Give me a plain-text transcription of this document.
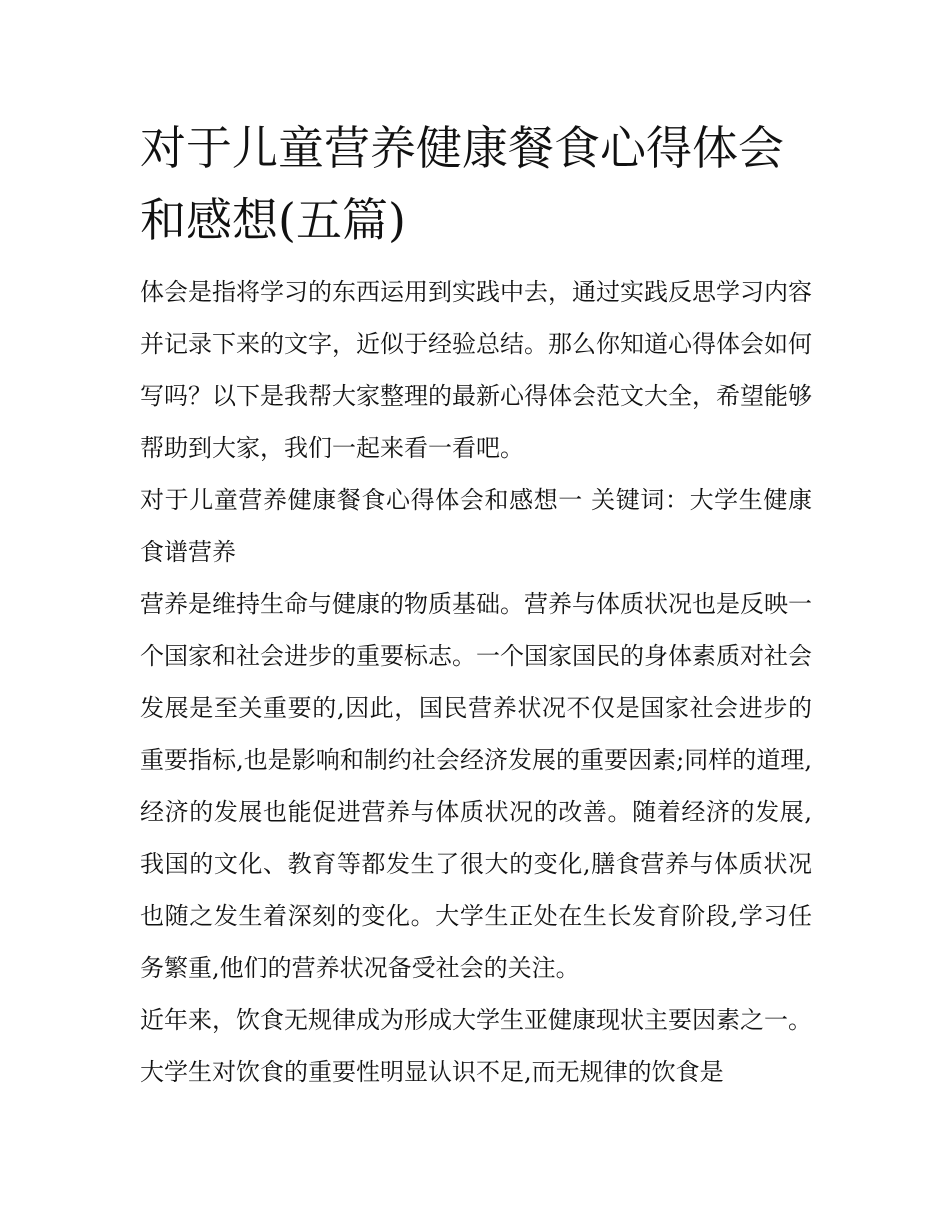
对于儿童营养健康餐食心得体会和感想(五篇)

体会是指将学习的东西运用到实践中去，通过实践反思学习内容并记录下来的文字，近似于经验总结。那么你知道心得体会如何写吗？以下是我帮大家整理的最新心得体会范文大全，希望能够帮助到大家，我们一起来看一看吧。

对于儿童营养健康餐食心得体会和感想一 关键词：大学生健康食谱营养

营养是维持生命与健康的物质基础。营养与体质状况也是反映一个国家和社会进步的重要标志。一个国家国民的身体素质对社会发展是至关重要的,因此，国民营养状况不仅是国家社会进步的重要指标,也是影响和制约社会经济发展的重要因素;同样的道理,经济的发展也能促进营养与体质状况的改善。随着经济的发展,我国的文化、教育等都发生了很大的变化,膳食营养与体质状况也随之发生着深刻的变化。大学生正处在生长发育阶段,学习任务繁重,他们的营养状况备受社会的关注。

近年来，饮食无规律成为形成大学生亚健康现状主要因素之一。大学生对饮食的重要性明显认识不足,而无规律的饮食是
